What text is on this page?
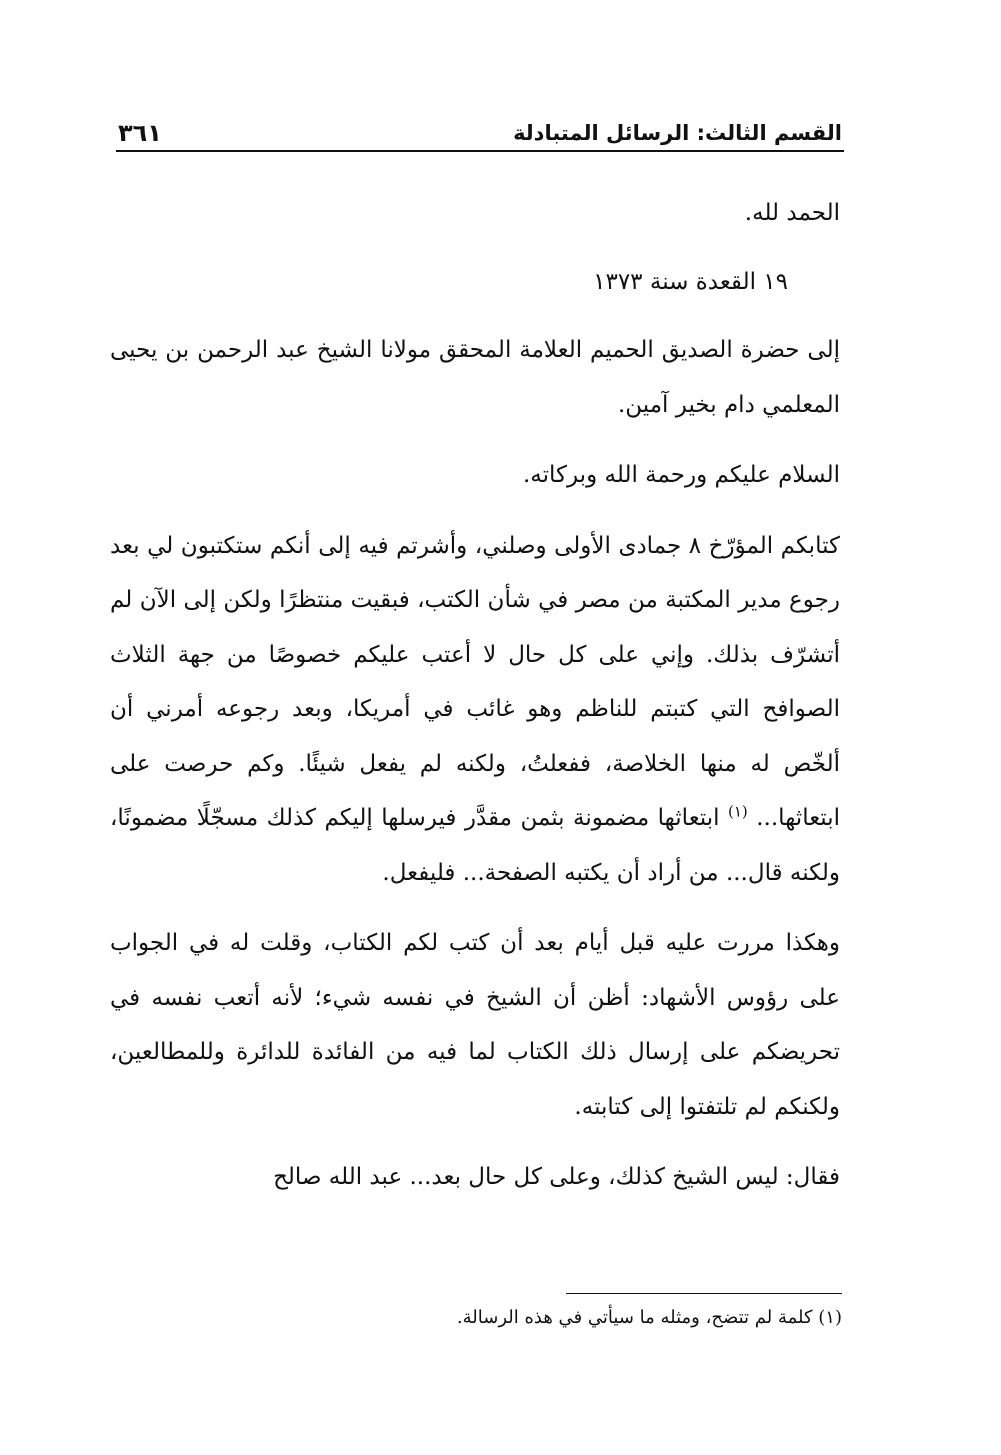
القسم الثالث: الرسائل المتبادلة
٣٦١

الحمد لله.

١٩ القعدة سنة ١٣٧٣

إلى حضرة الصديق الحميم العلامة المحقق مولانا الشيخ عبد الرحمن بن يحيى المعلمي دام بخير آمين.

السلام عليكم ورحمة الله وبركاته.

كتابكم المؤرّخ ٨ جمادى الأولى وصلني، وأشرتم فيه إلى أنكم ستكتبون لي بعد رجوع مدير المكتبة من مصر في شأن الكتب، فبقيت منتظرًا ولكن إلى الآن لم أتشرّف بذلك. وإني على كل حال لا أعتب عليكم خصوصًا من جهة الثلاث الصوافح التي كتبتم للناظم وهو غائب في أمريكا، وبعد رجوعه أمرني أن ألخّص له منها الخلاصة، ففعلتُ، ولكنه لم يفعل شيئًا. وكم حرصت على ابتعاثها... $^{(١)}$ ابتعاثها مضمونة بثمن مقدَّر فيرسلها إليكم كذلك مسجّلًا مضمونًا، ولكنه قال... من أراد أن يكتبه الصفحة... فليفعل.

وهكذا مررت عليه قبل أيام بعد أن كتب لكم الكتاب، وقلت له في الجواب على رؤوس الأشهاد: أظن أن الشيخ في نفسه شيء؛ لأنه أتعب نفسه في تحريضكم على إرسال ذلك الكتاب لما فيه من الفائدة للدائرة وللمطالعين، ولكنكم لم تلتفتوا إلى كتابته.

فقال: ليس الشيخ كذلك، وعلى كل حال بعد... عبد الله صالح

(١) كلمة لم تتضح، ومثله ما سيأتي في هذه الرسالة.
